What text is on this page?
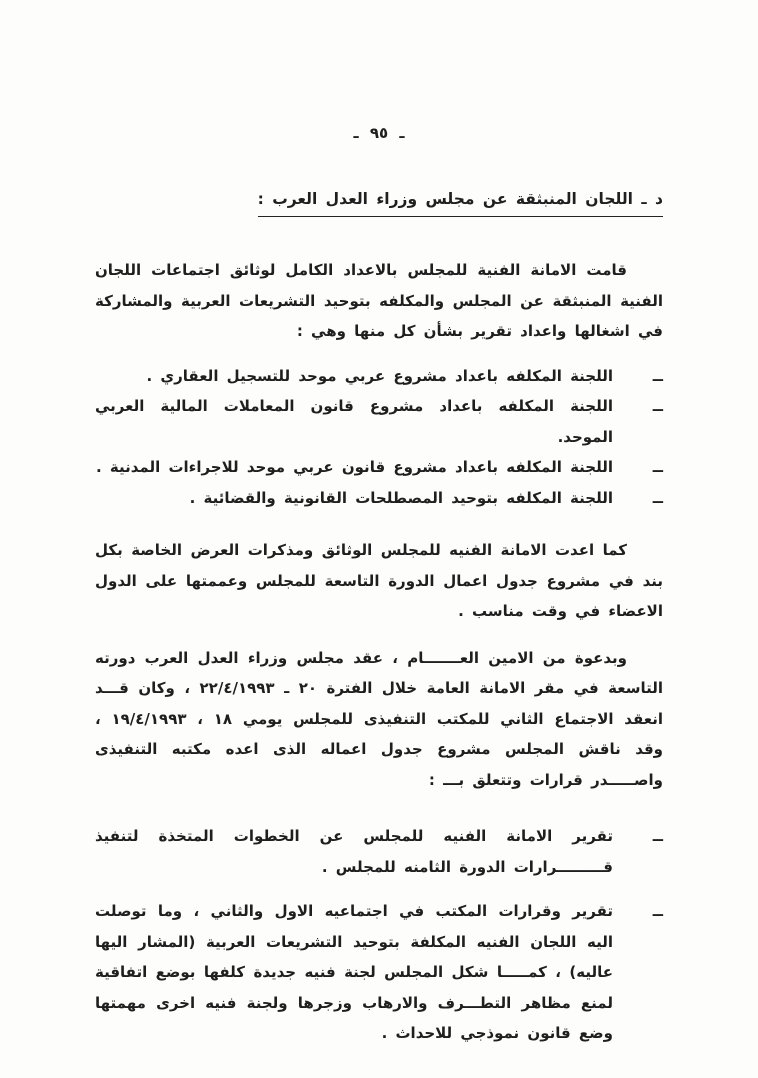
ـ ٩٥ ـ
د ـ اللجان المنبثقة عن مجلس وزراء العدل العرب :

قامت الامانة الفنية للمجلس بالاعداد الكامل لوثائق اجتماعات اللجان الفنية المنبثقة عن المجلس والمكلفه بتوحيد التشريعات العربية والمشاركة في اشغالها واعداد تقرير بشأن كل منها وهي :

ــ
اللجنة المكلفه باعداد مشروع عربي موحد للتسجيل العقاري .
ــ
اللجنة المكلفه باعداد مشروع قانون المعاملات المالية العربي الموحد.
ــ
اللجنة المكلفه باعداد مشروع قانون عربي موحد للاجراءات المدنية .
ــ
اللجنة المكلفه بتوحيد المصطلحات القانونية والقضائية .

كما اعدت الامانة الفنيه للمجلس الوثائق ومذكرات العرض الخاصة بكل بند في مشروع جدول اعمال الدورة التاسعة للمجلس وعممتها على الدول الاعضاء في وقت مناسب .

وبدعوة من الامين العـــــــام ، عقد مجلس وزراء العدل العرب دورته التاسعة في مقر الامانة العامة خلال الفترة ٢٠ ـ ٢٢/٤/١٩٩٣ ، وكان قـــد انعقد الاجتماع الثاني للمكتب التنفيذى للمجلس يومي ١٨ ، ١٩/٤/١٩٩٣ ، وقد ناقش المجلس مشروع جدول اعماله الذى اعده مكتبه التنفيذى واصـــــدر قرارات وتتعلق بـــ :

ــ
تقرير الامانة الفنيه للمجلس عن الخطوات المتخذة لتنفيذ قـــــــــرارات الدورة الثامنه للمجلس .
ــ
تقرير وقرارات المكتب في اجتماعيه الاول والثاني ، وما توصلت اليه اللجان الفنيه المكلفة بتوحيد التشريعات العربية (المشار اليها عاليه) ، كمـــــا شكل المجلس لجنة فنيه جديدة كلفها بوضع اتفاقية لمنع مظاهر التطـــرف والارهاب وزجرها ولجنة فنيه اخرى مهمتها وضع قانون نموذجي للاحداث .
